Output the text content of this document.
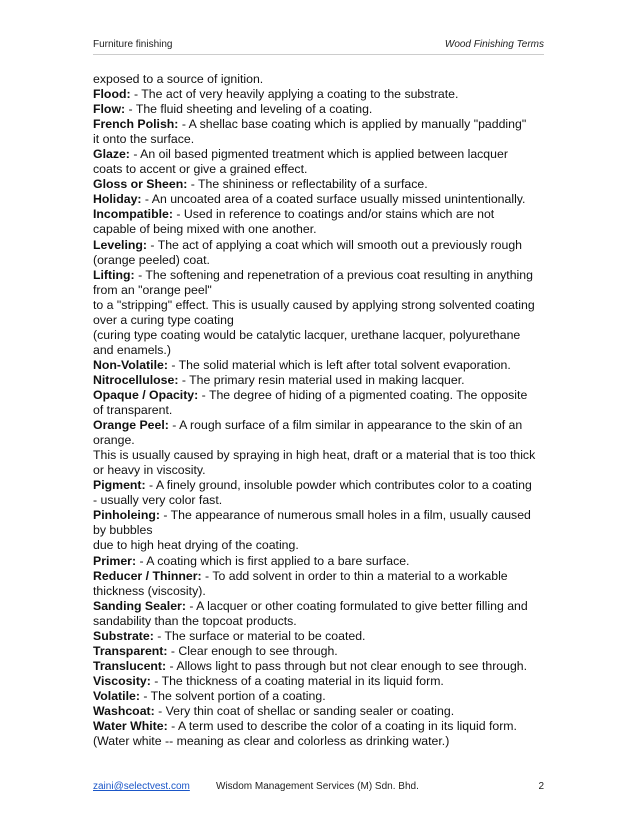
Furniture finishing	Wood Finishing Terms
exposed to a source of ignition.
Flood: - The act of very heavily applying a coating to the substrate.
Flow: - The fluid sheeting and leveling of a coating.
French Polish: - A shellac base coating which is applied by manually "padding"
it onto the surface.
Glaze: - An oil based pigmented treatment which is applied between lacquer
coats to accent or give a grained effect.
Gloss or Sheen: - The shininess or reflectability of a surface.
Holiday: - An uncoated area of a coated surface usually missed unintentionally.
Incompatible: - Used in reference to coatings and/or stains which are not
capable of being mixed with one another.
Leveling: - The act of applying a coat which will smooth out a previously rough
(orange peeled) coat.
Lifting: - The softening and repenetration of a previous coat resulting in anything
from an "orange peel"
to a "stripping" effect. This is usually caused by applying strong solvented coating
over a curing type coating
(curing type coating would be catalytic lacquer, urethane lacquer, polyurethane
and enamels.)
Non-Volatile: - The solid material which is left after total solvent evaporation.
Nitrocellulose: - The primary resin material used in making lacquer.
Opaque / Opacity: - The degree of hiding of a pigmented coating. The opposite
of transparent.
Orange Peel: - A rough surface of a film similar in appearance to the skin of an
orange.
This is usually caused by spraying in high heat, draft or a material that is too thick
or heavy in viscosity.
Pigment: - A finely ground, insoluble powder which contributes color to a coating
- usually very color fast.
Pinholeing: - The appearance of numerous small holes in a film, usually caused
by bubbles
due to high heat drying of the coating.
Primer: - A coating which is first applied to a bare surface.
Reducer / Thinner: - To add solvent in order to thin a material to a workable
thickness (viscosity).
Sanding Sealer: - A lacquer or other coating formulated to give better filling and
sandability than the topcoat products.
Substrate: - The surface or material to be coated.
Transparent: - Clear enough to see through.
Translucent: - Allows light to pass through but not clear enough to see through.
Viscosity: - The thickness of a coating material in its liquid form.
Volatile: - The solvent portion of a coating.
Washcoat: - Very thin coat of shellac or sanding sealer or coating.
Water White: - A term used to describe the color of a coating in its liquid form.
(Water white -- meaning as clear and colorless as drinking water.)
zaini@selectvest.com	Wisdom Management Services (M) Sdn. Bhd.	2
